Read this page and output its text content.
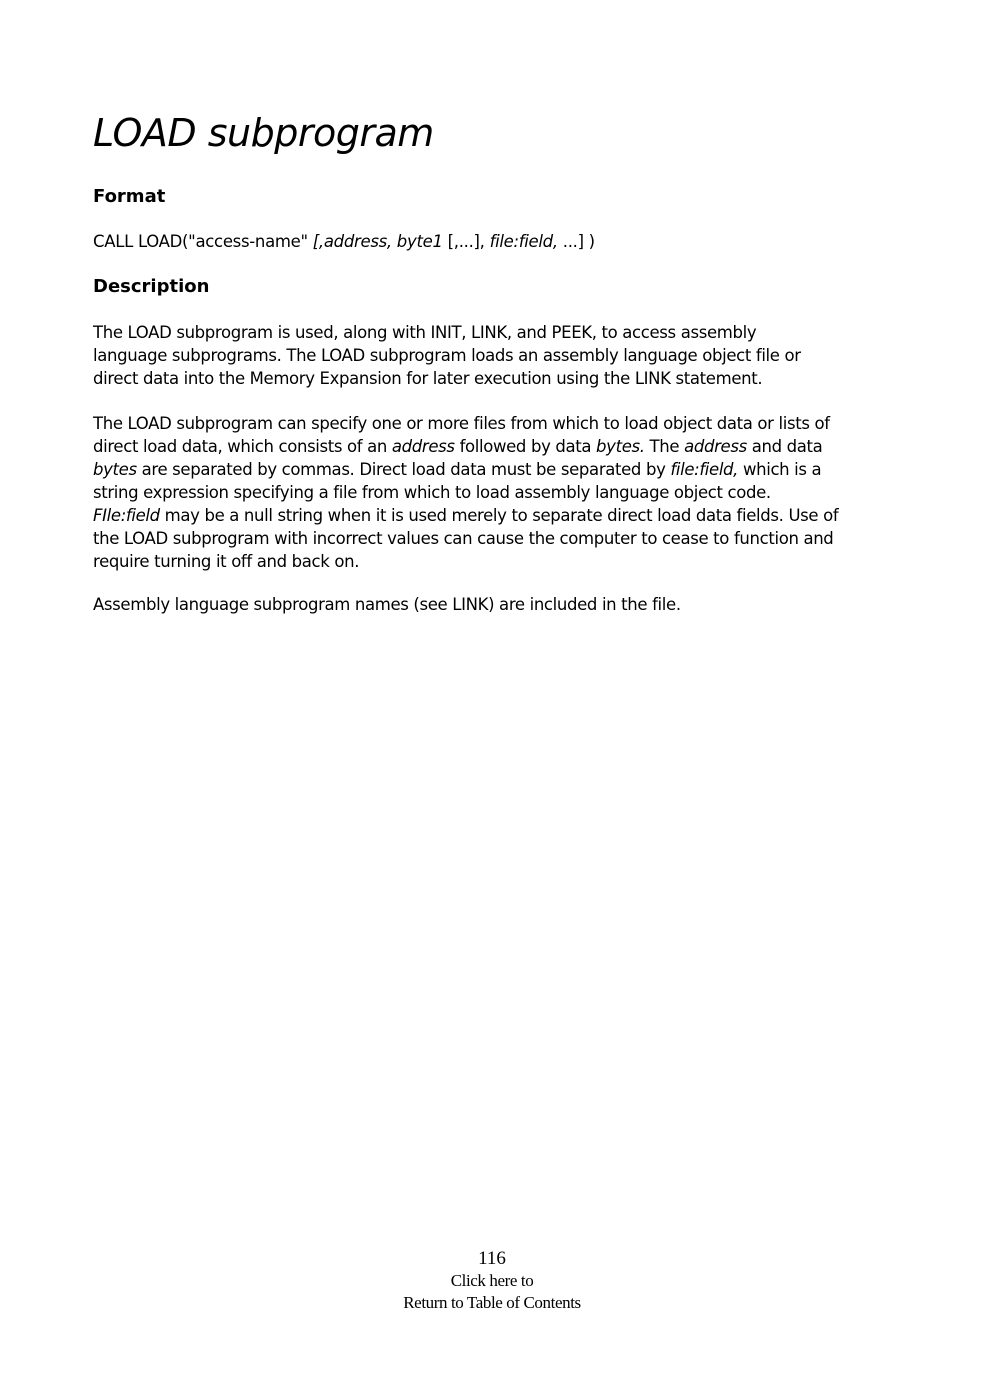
LOAD subprogram
Format

CALL LOAD("access-name" [,address, byte1 [,...], file:field, ...] )

Description

The LOAD subprogram is used, along with INIT, LINK, and PEEK, to access assembly
language subprograms. The LOAD subprogram loads an assembly language object file or
direct data into the Memory Expansion for later execution using the LINK statement.

The LOAD subprogram can specify one or more files from which to load object data or lists of
direct load data, which consists of an address followed by data bytes. The address and data
bytes are separated by commas. Direct load data must be separated by file:field, which is a
string expression specifying a file from which to load assembly language object code.
FIle:field may be a null string when it is used merely to separate direct load data fields. Use of
the LOAD subprogram with incorrect values can cause the computer to cease to function and
require turning it off and back on.

Assembly language subprogram names (see LINK) are included in the file.

116
Click here to
Return to Table of Contents
